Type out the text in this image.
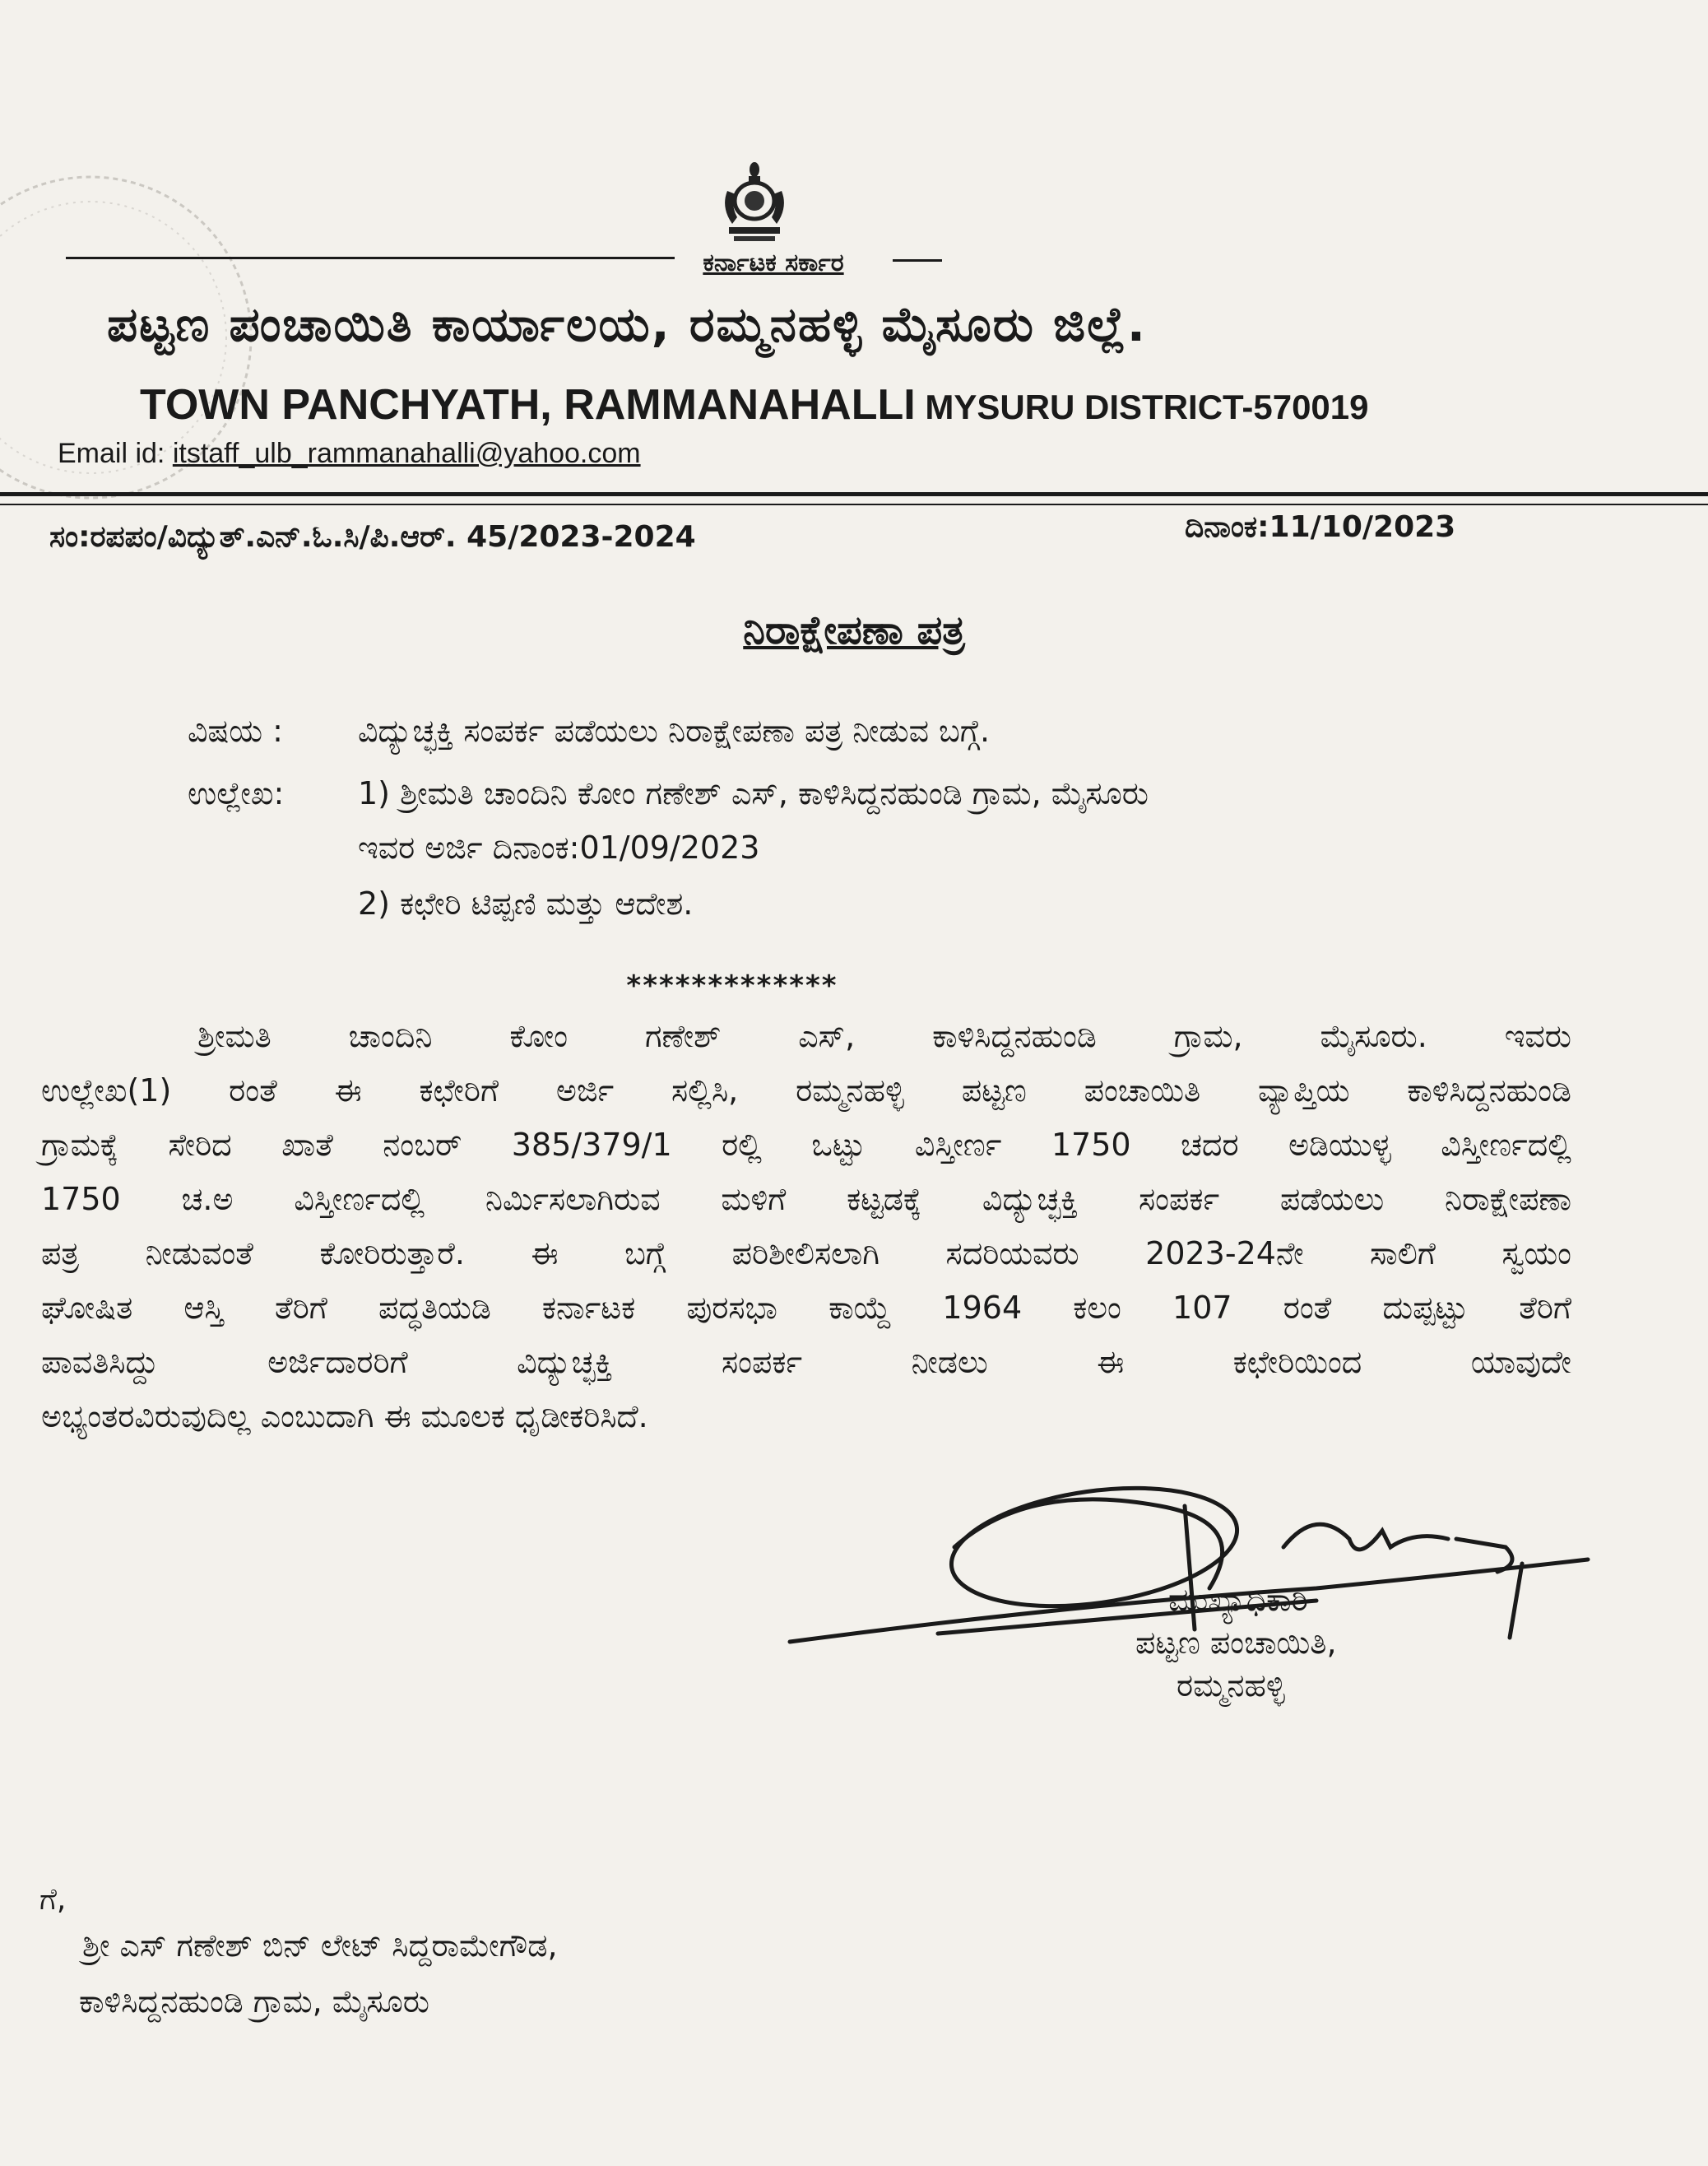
ಕರ್ನಾಟಕ ಸರ್ಕಾರ
ಪಟ್ಟಣ ಪಂಚಾಯಿತಿ ಕಾರ್ಯಾಲಯ, ರಮ್ಮನಹಳ್ಳಿ ಮೈಸೂರು ಜಿಲ್ಲೆ.
TOWN PANCHYATH, RAMMANAHALLI MYSURU DISTRICT-570019
Email id: itstaff_ulb_rammanahalli@yahoo.com
ಸಂ:ರಪಪಂ/ವಿದ್ಯುತ್.ಎನ್.ಓ.ಸಿ/ಪಿ.ಆರ್. 45/2023-2024	ದಿನಾಂಕ:11/10/2023
ನಿರಾಕ್ಷೇಪಣಾ ಪತ್ರ
ವಿಷಯ : ವಿದ್ಯುಚ್ಛಕ್ತಿ ಸಂಪರ್ಕ ಪಡೆಯಲು ನಿರಾಕ್ಷೇಪಣಾ ಪತ್ರ ನೀಡುವ ಬಗ್ಗೆ.
ಉಲ್ಲೇಖ: 1) ಶ್ರೀಮತಿ ಚಾಂದಿನಿ ಕೋಂ ಗಣೇಶ್ ಎಸ್, ಕಾಳಿಸಿದ್ದನಹುಂಡಿ ಗ್ರಾಮ, ಮೈಸೂರು
ಇವರ ಅರ್ಜಿ ದಿನಾಂಕ:01/09/2023
2) ಕಛೇರಿ ಟಿಪ್ಪಣಿ ಮತ್ತು ಆದೇಶ.
*************
ಶ್ರೀಮತಿ ಚಾಂದಿನಿ ಕೋಂ ಗಣೇಶ್ ಎಸ್, ಕಾಳಿಸಿದ್ದನಹುಂಡಿ ಗ್ರಾಮ, ಮೈಸೂರು. ಇವರು
ಉಲ್ಲೇಖ(1) ರಂತೆ ಈ ಕಛೇರಿಗೆ ಅರ್ಜಿ ಸಲ್ಲಿಸಿ, ರಮ್ಮನಹಳ್ಳಿ ಪಟ್ಟಣ ಪಂಚಾಯಿತಿ ವ್ಯಾಪ್ತಿಯ ಕಾಳಿಸಿದ್ದನಹುಂಡಿ
ಗ್ರಾಮಕ್ಕೆ ಸೇರಿದ ಖಾತೆ ನಂಬರ್ 385/379/1 ರಲ್ಲಿ ಒಟ್ಟು ವಿಸ್ತೀರ್ಣ 1750 ಚದರ ಅಡಿಯುಳ್ಳ ವಿಸ್ತೀರ್ಣದಲ್ಲಿ
1750 ಚ.ಅ ವಿಸ್ತೀರ್ಣದಲ್ಲಿ ನಿರ್ಮಿಸಲಾಗಿರುವ ಮಳಿಗೆ ಕಟ್ಟಡಕ್ಕೆ ವಿದ್ಯುಚ್ಛಕ್ತಿ ಸಂಪರ್ಕ ಪಡೆಯಲು ನಿರಾಕ್ಷೇಪಣಾ
ಪತ್ರ ನೀಡುವಂತೆ ಕೋರಿರುತ್ತಾರೆ. ಈ ಬಗ್ಗೆ ಪರಿಶೀಲಿಸಲಾಗಿ ಸದರಿಯವರು 2023-24ನೇ ಸಾಲಿಗೆ ಸ್ವಯಂ
ಘೋಷಿತ ಆಸ್ತಿ ತೆರಿಗೆ ಪದ್ಧತಿಯಡಿ ಕರ್ನಾಟಕ ಪುರಸಭಾ ಕಾಯ್ದೆ 1964 ಕಲಂ 107 ರಂತೆ ದುಪ್ಪಟ್ಟು ತೆರಿಗೆ
ಪಾವತಿಸಿದ್ದು ಅರ್ಜಿದಾರರಿಗೆ ವಿದ್ಯುಚ್ಛಕ್ತಿ ಸಂಪರ್ಕ ನೀಡಲು ಈ ಕಛೇರಿಯಿಂದ ಯಾವುದೇ
ಅಭ್ಯಂತರವಿರುವುದಿಲ್ಲ ಎಂಬುದಾಗಿ ಈ ಮೂಲಕ ಧೃಡೀಕರಿಸಿದೆ.
ಮುಖ್ಯಾಧಿಕಾರಿ
ಪಟ್ಟಣ ಪಂಚಾಯಿತಿ,
ರಮ್ಮನಹಳ್ಳಿ
ಗೆ,
ಶ್ರೀ ಎಸ್ ಗಣೇಶ್ ಬಿನ್ ಲೇಟ್ ಸಿದ್ದರಾಮೇಗೌಡ,
ಕಾಳಿಸಿದ್ದನಹುಂಡಿ ಗ್ರಾಮ, ಮೈಸೂರು
